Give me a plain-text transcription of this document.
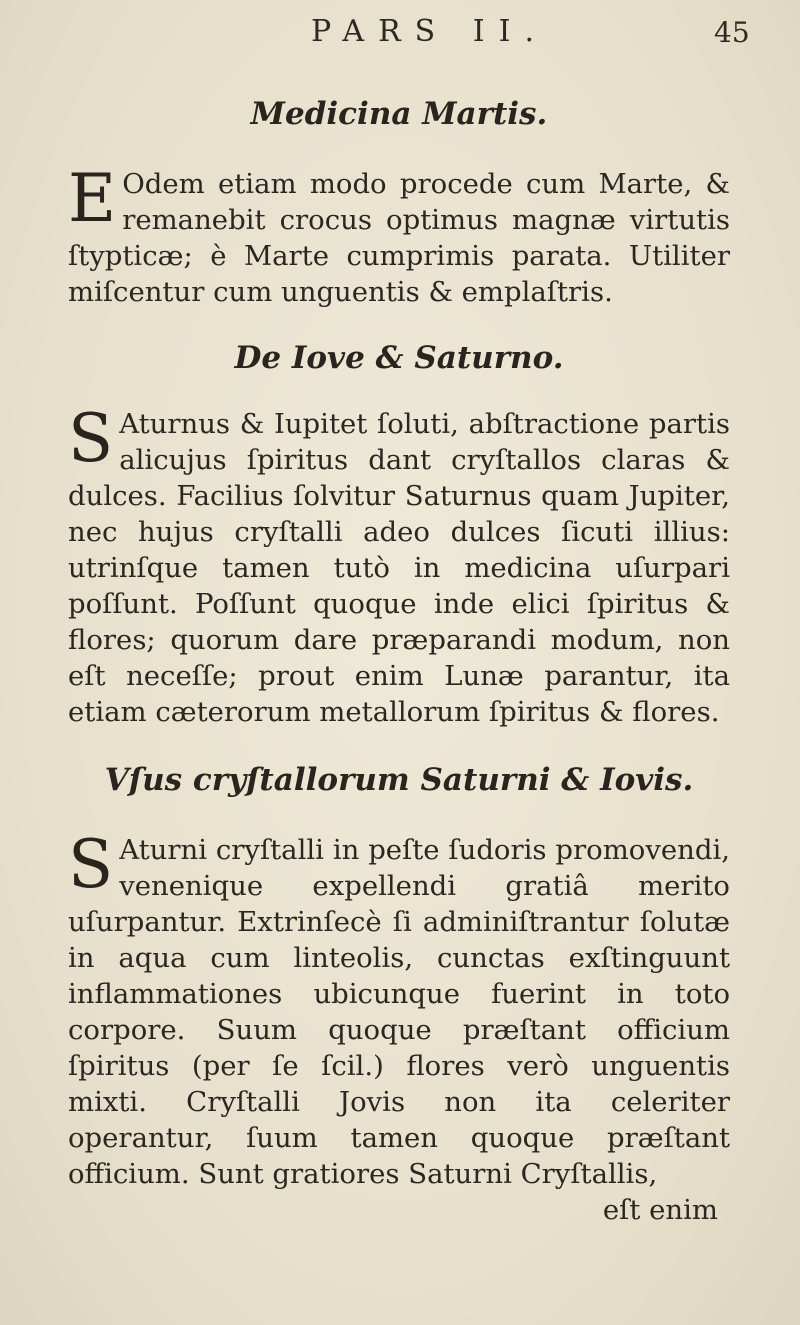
PARS II.	45
Medicina Martis.

E Odem etiam modo procede cum Marte, & remanebit crocus optimus magnæ virtutis ſtypticæ; è Marte cumprimis parata. Utiliter miſcentur cum unguentis & emplaſtris.

De Iove & Saturno.

S Aturnus & Iupitet ſoluti, abſtractione partis alicujus ſpiritus dant cryſtallos claras & dulces. Facilius ſolvitur Saturnus quam Jupiter, nec hujus cryſtalli adeo dulces ſicuti illius: utrinſque tamen tutò in medicina uſurpari poſſunt. Poſſunt quoque inde elici ſpiritus & flores; quorum dare præparandi modum, non eſt neceſſe; prout enim Lunæ parantur, ita etiam cæterorum metallorum ſpiritus & flores.

Vſus cryſtallorum Saturni & Iovis.

S Aturni cryſtalli in peſte ſudoris promovendi, venenique expellendi gratiâ merito uſurpantur. Extrinſecè ſi adminiſtrantur ſolutæ in aqua cum linteolis, cunctas exſtinguunt inflammationes ubicunque fuerint in toto corpore. Suum quoque præſtant officium ſpiritus (per ſe ſcil.) flores verò unguentis mixti. Cryſtalli Jovis non ita celeriter operantur, ſuum tamen quoque præſtant officium. Sunt gratiores Saturni Cryſtallis,

eſt enim
